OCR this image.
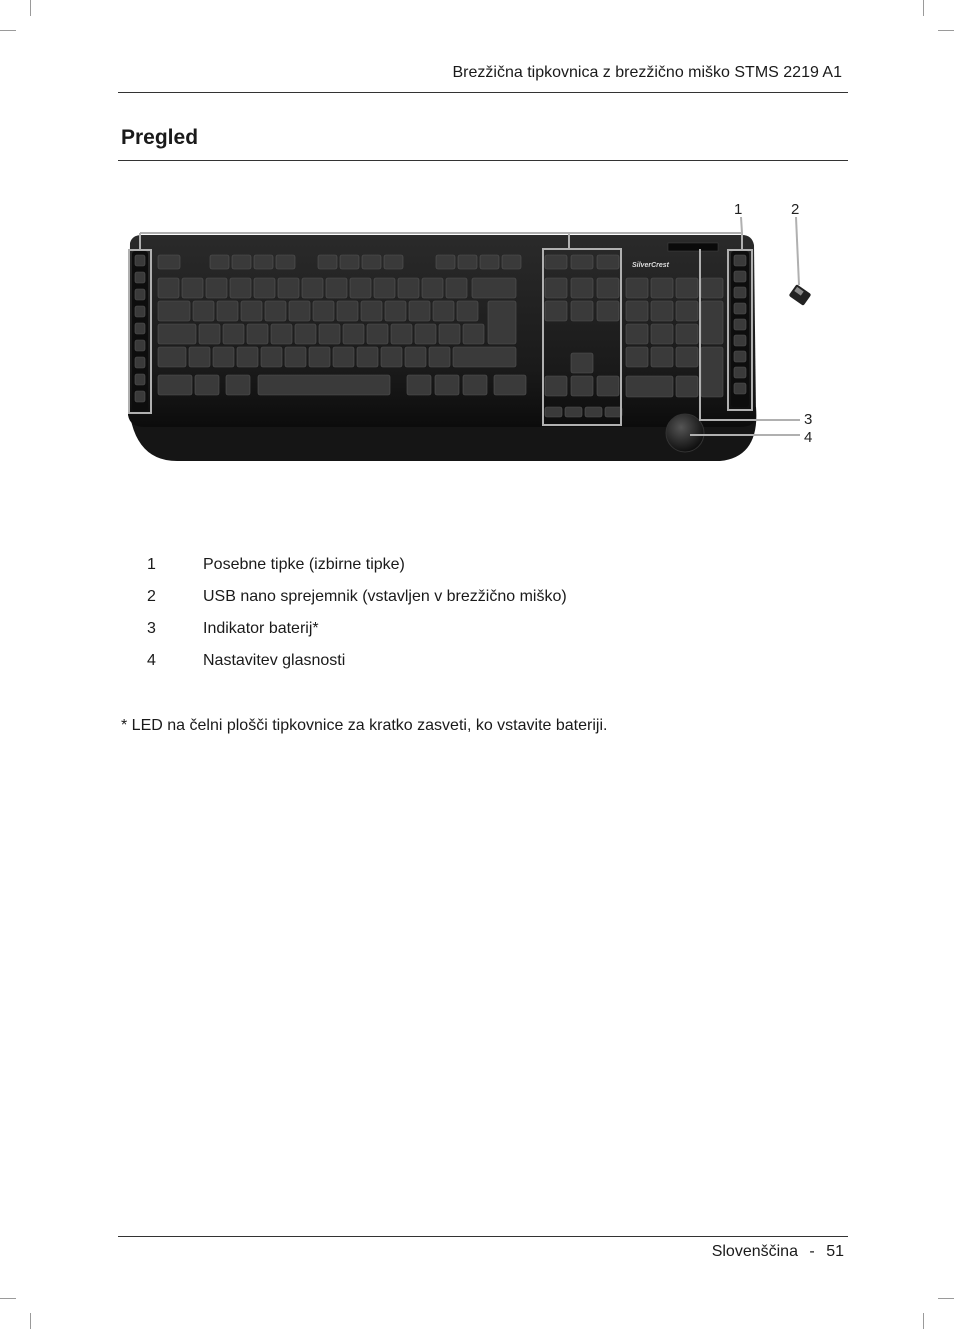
Brezžična tipkovnica z brezžično miško STMS 2219 A1
Pregled
SilverCrest
1	2
3
4
1	Posebne tipke (izbirne tipke)
2	USB nano sprejemnik (vstavljen v brezžično miško)
3	Indikator baterij*
4	Nastavitev glasnosti
* LED na čelni plošči tipkovnice za kratko zasveti, ko vstavite bateriji.
Slovenščina - 51
